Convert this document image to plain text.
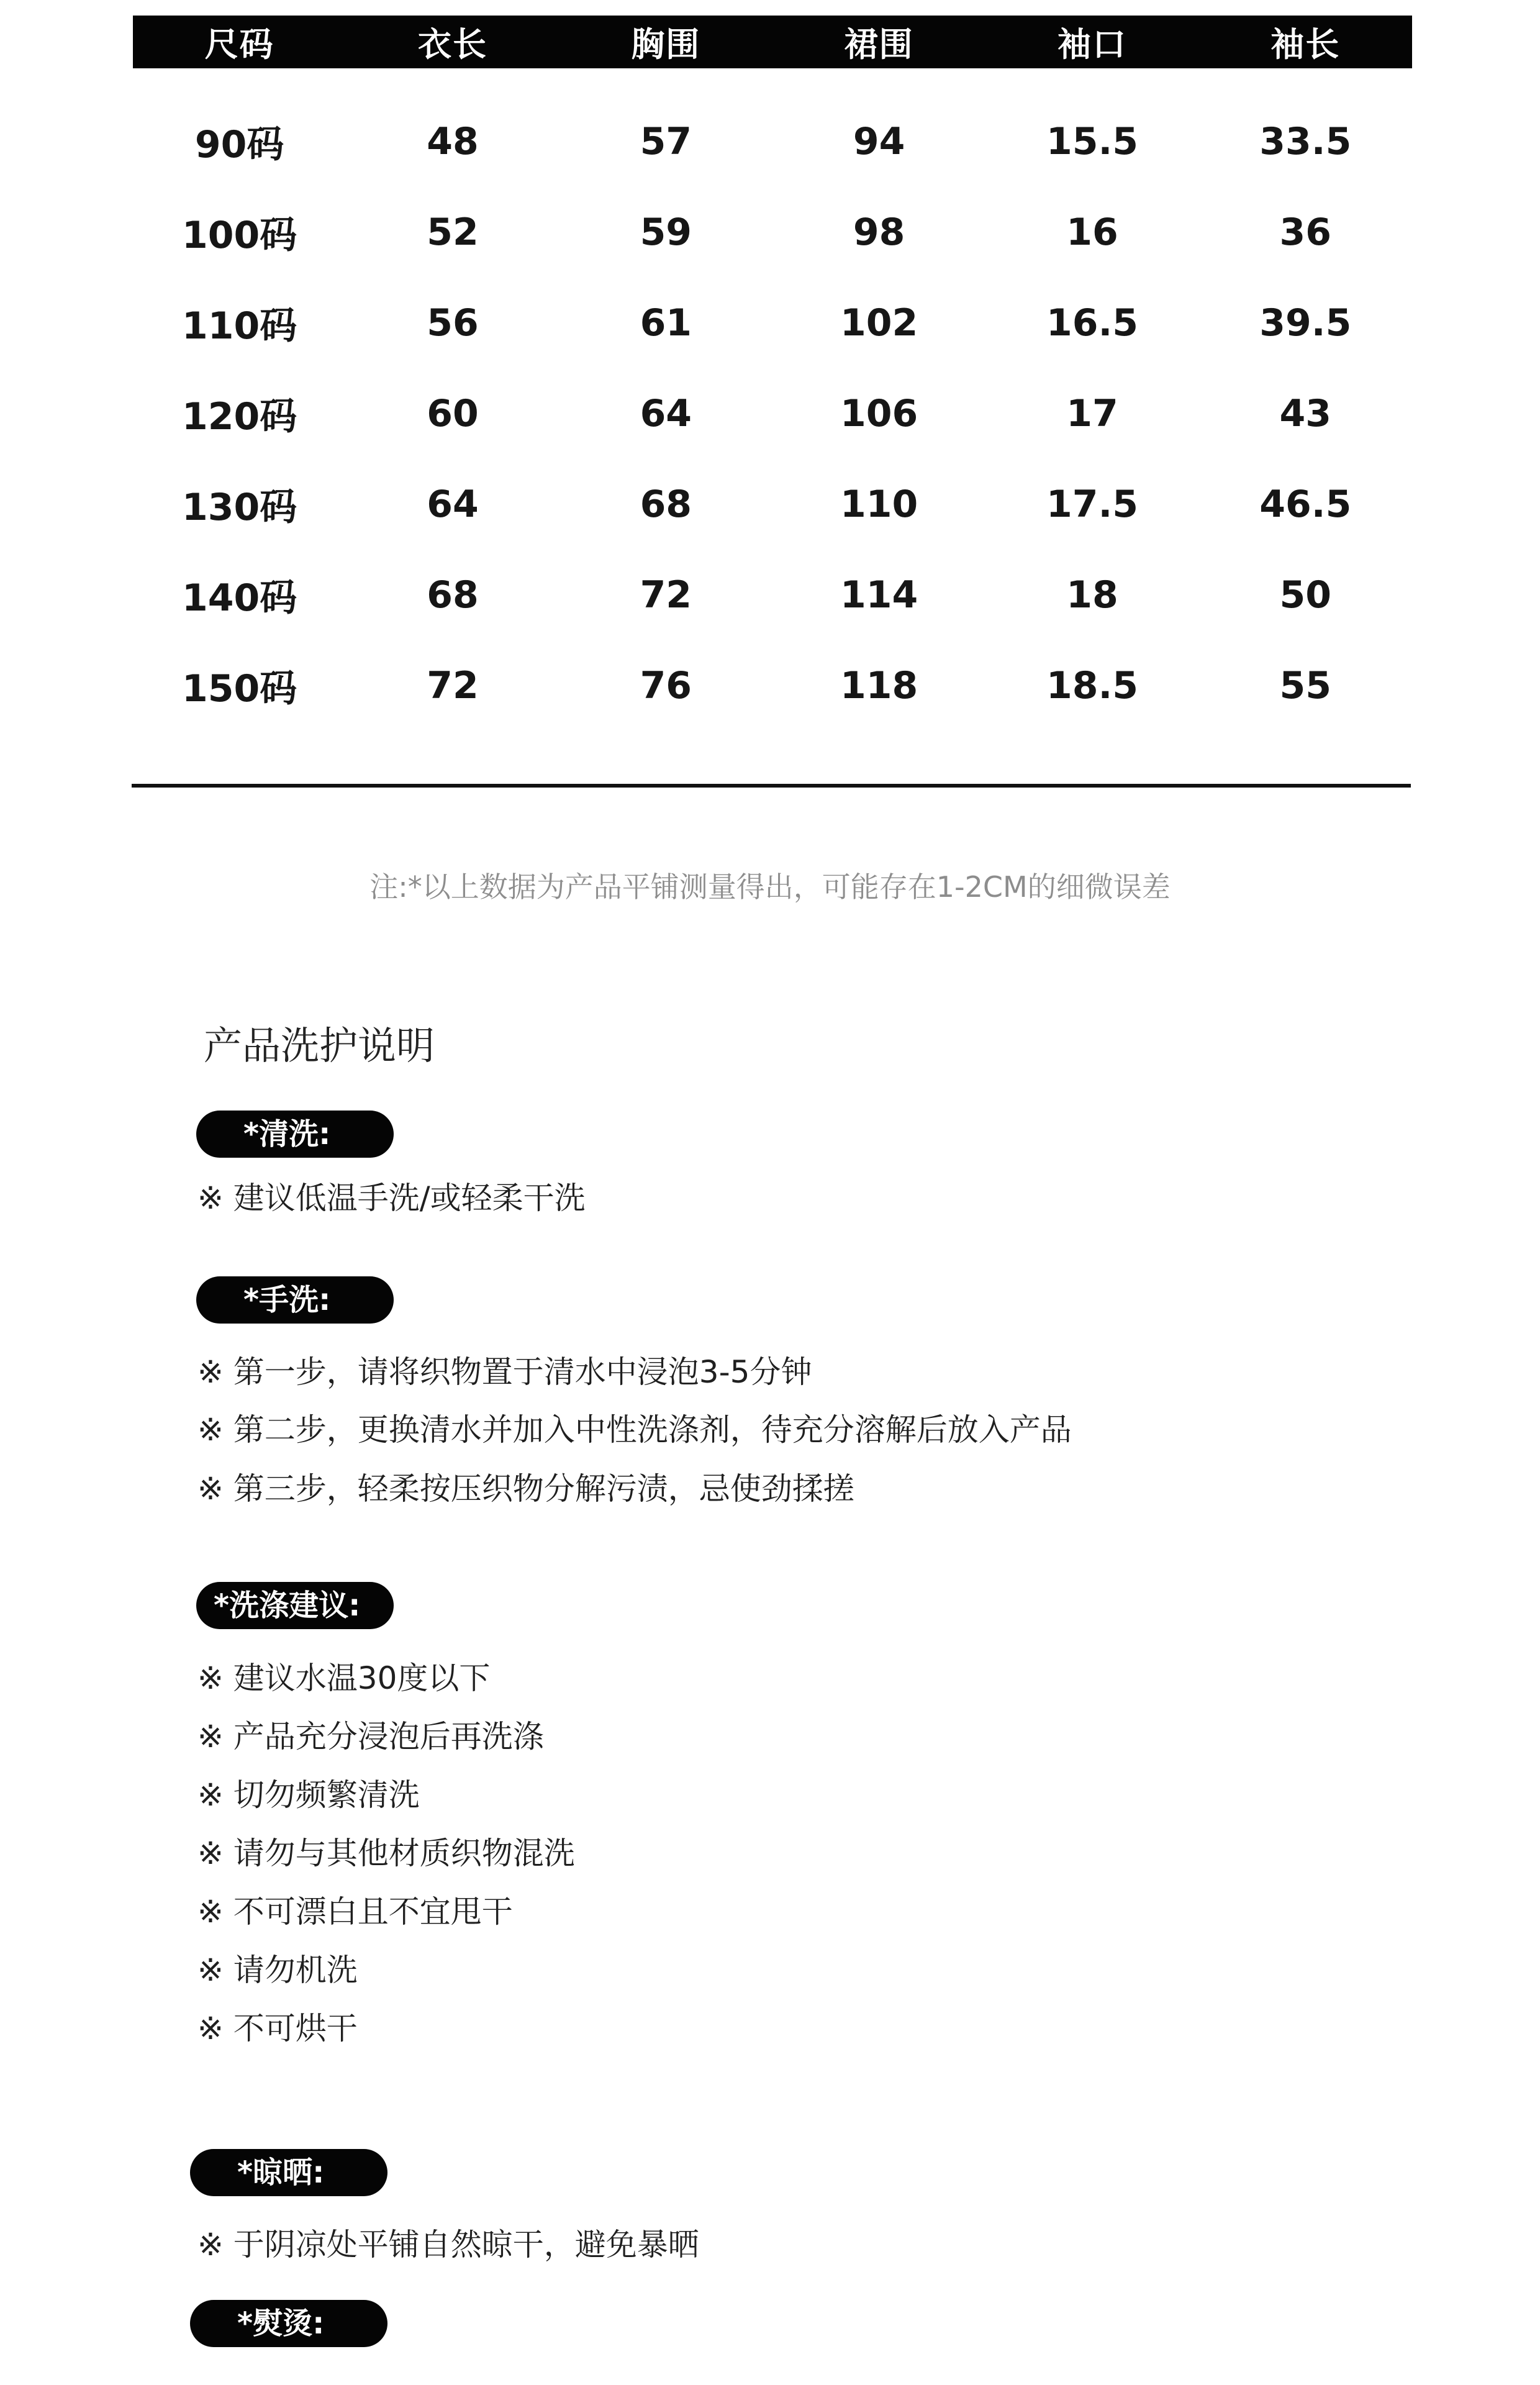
尺码	衣长	胸围	裙围	袖口	袖长
90码	48	57	94	15.5	33.5
100码	52	59	98	16	36
110码	56	61	102	16.5	39.5
120码	60	64	106	17	43
130码	64	68	110	17.5	46.5
140码	68	72	114	18	50
150码	72	76	118	18.5	55
注:*以上数据为产品平铺测量得出，可能存在1-2CM的细微误差
产品洗护说明
*清洗:
※ 建议低温手洗/或轻柔干洗
*手洗:
※ 第一步，请将织物置于清水中浸泡3-5分钟
※ 第二步，更换清水并加入中性洗涤剂，待充分溶解后放入产品
※ 第三步，轻柔按压织物分解污渍，忌使劲揉搓
*洗涤建议:
※ 建议水温30度以下
※ 产品充分浸泡后再洗涤
※ 切勿频繁清洗
※ 请勿与其他材质织物混洗
※ 不可漂白且不宜甩干
※ 请勿机洗
※ 不可烘干
*晾晒:
※ 于阴凉处平铺自然晾干，避免暴晒
*熨烫:
